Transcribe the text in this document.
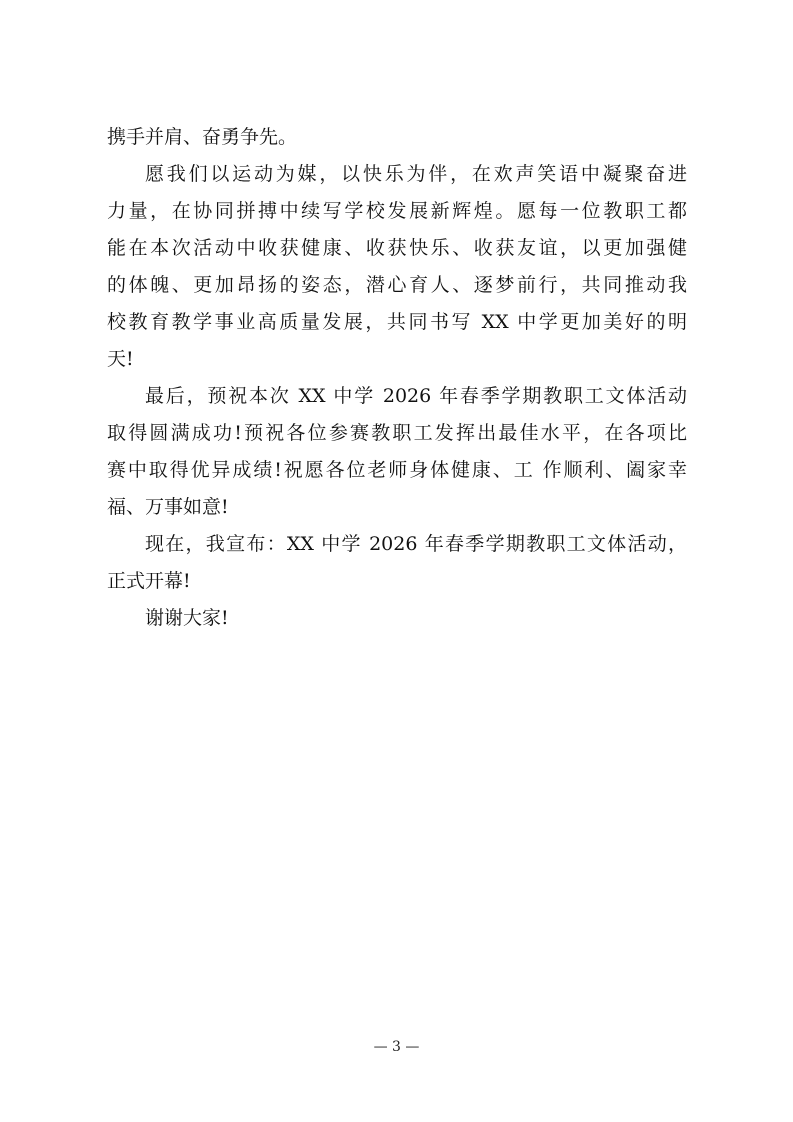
携手并肩、奋勇争先。
愿我们以运动为媒，以快乐为伴，在欢声笑语中凝聚奋进
力量，在协同拼搏中续写学校发展新辉煌。愿每一位教职工都
能在本次活动中收获健康、收获快乐、收获友谊，以更加强健
的体魄、更加昂扬的姿态，潜心育人、逐梦前行，共同推动我
校教育教学事业高质量发展，共同书写 XX 中学更加美好的明
天!
最后，预祝本次 XX 中学 2026 年春季学期教职工文体活动
取得圆满成功!预祝各位参赛教职工发挥出最佳水平，在各项比
赛中取得优异成绩!祝愿各位老师身体健康、工 作顺利、阖家幸
福、万事如意!
现在，我宣布：XX 中学 2026 年春季学期教职工文体活动，
正式开幕!
谢谢大家!
— 3 —
